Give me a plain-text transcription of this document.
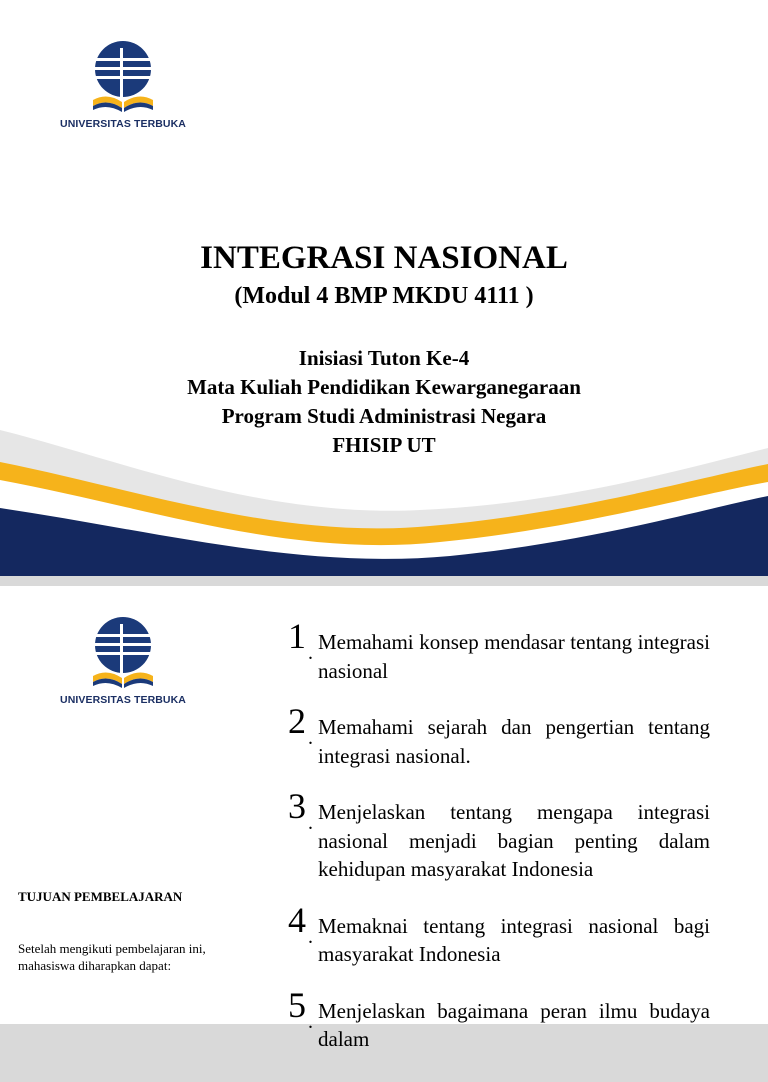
UNIVERSITAS TERBUKA
INTEGRASI NASIONAL
(Modul 4 BMP MKDU 4111 )
Inisiasi Tuton Ke-4
Mata Kuliah Pendidikan Kewarganegaraan
Program Studi Administrasi Negara
FHISIP UT
UNIVERSITAS TERBUKA
TUJUAN PEMBELAJARAN
Setelah mengikuti pembelajaran ini, mahasiswa diharapkan dapat:
1 . Memahami konsep mendasar tentang integrasi nasional
2 . Memahami sejarah dan pengertian tentang integrasi nasional.
3 . Menjelaskan tentang mengapa integrasi nasional menjadi bagian penting dalam kehidupan masyarakat Indonesia
4 . Memaknai tentang integrasi nasional bagi masyarakat Indonesia
5 . Menjelaskan bagaimana peran ilmu budaya dalam
